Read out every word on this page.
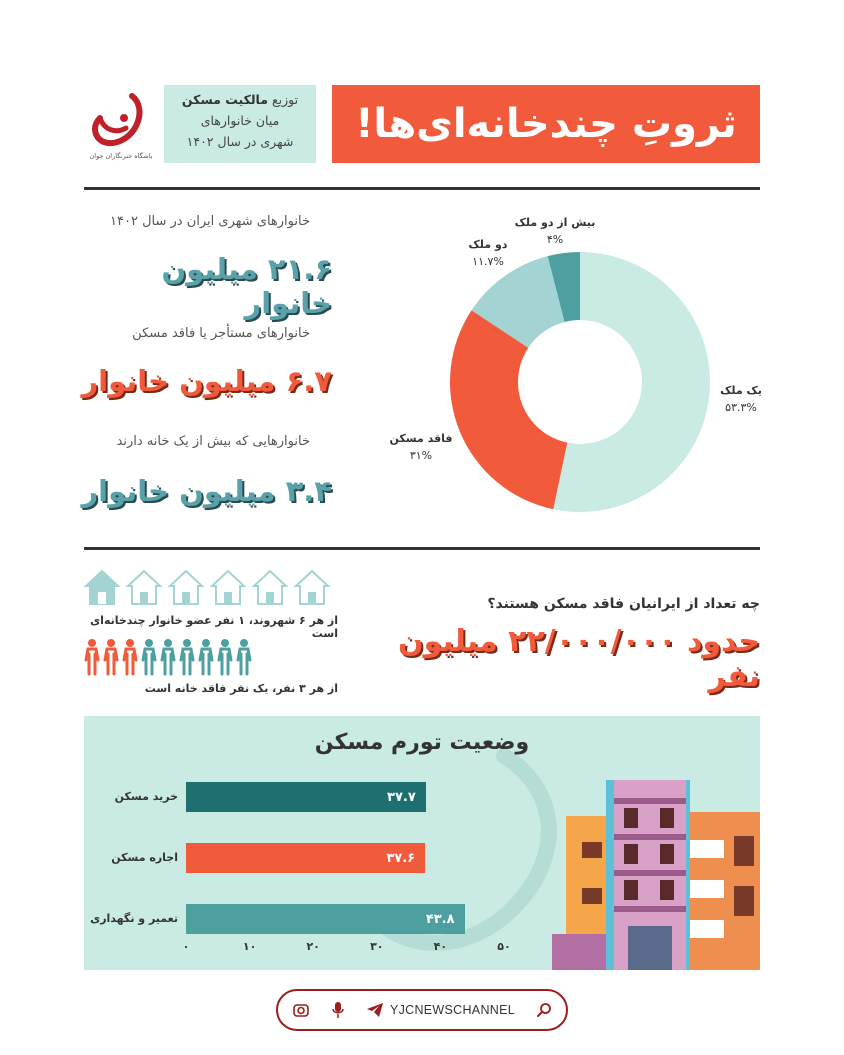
ثروتِ چندخانه‌ای‌ها!
توزیع مالکیت مسکن
میان خانوارهای
شهری در سال ۱۴۰۲
باشگاه خبرنگاران جوان
خانوارهای شهری ایران در سال ۱۴۰۲
۲۱.۶ میلیون خانوار
خانوارهای مستأجر یا فاقد مسکن
۶.۷ میلیون خانوار
خانوارهایی که بیش از یک خانه دارند
۳.۴ میلیون خانوار
بیش از دو ملک
۴%
دو ملک
۱۱.۷%
یک ملک
۵۳.۳%
فاقد مسکن
۳۱%
از هر ۶ شهروند، ۱ نفر عضو خانوار چندخانه‌ای است
از هر ۳ نفر، یک نفر فاقد خانه است
چه تعداد از ایرانیان فاقد مسکن هستند؟
حدود ۲۲/۰۰۰/۰۰۰ میلیون نفر
وضعیت تورم مسکن
خرید مسکن
اجاره مسکن
تعمیر و نگهداری
۳۷.۷
۳۷.۶
۴۳.۸
۰	۱۰	۲۰	۳۰	۴۰	۵۰
YJCNEWSCHANNEL
